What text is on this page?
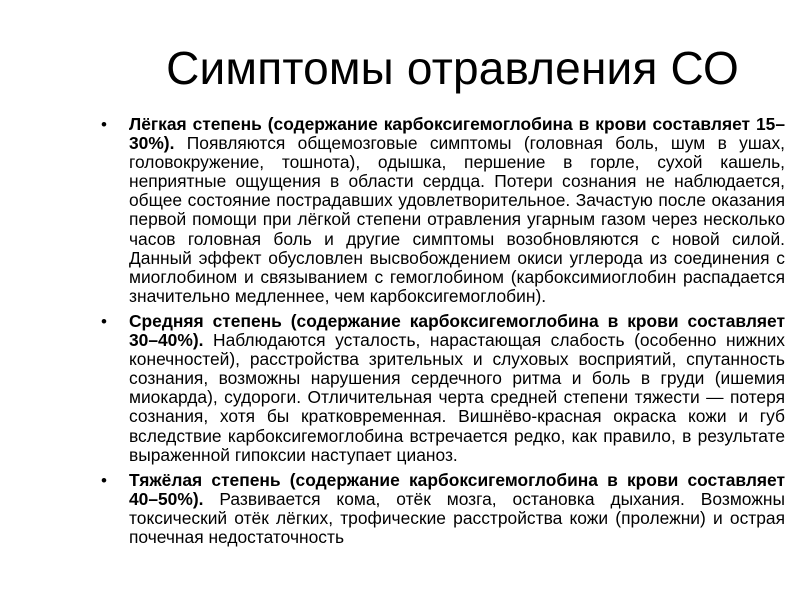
Симптомы отравления СО
• Лёгкая степень (содержание карбоксигемоглобина в крови составляет 15–30%). Появляются общемозговые симптомы (головная боль, шум в ушах, головокружение, тошнота), одышка, першение в горле, сухой кашель, неприятные ощущения в области сердца. Потери сознания не наблюдается, общее состояние пострадавших удовлетворительное. Зачастую после оказания первой помощи при лёгкой степени отравления угарным газом через несколько часов головная боль и другие симптомы возобновляются с новой силой. Данный эффект обусловлен высвобождением окиси углерода из соединения с миоглобином и связыванием с гемоглобином (карбоксимиоглобин распадается значительно медленнее, чем карбоксигемоглобин).
• Средняя степень (содержание карбоксигемоглобина в крови составляет 30–40%). Наблюдаются усталость, нарастающая слабость (особенно нижних конечностей), расстройства зрительных и слуховых восприятий, спутанность сознания, возможны нарушения сердечного ритма и боль в груди (ишемия миокарда), судороги. Отличительная черта средней степени тяжести — потеря сознания, хотя бы кратковременная. Вишнёво-красная окраска кожи и губ вследствие карбоксигемоглобина встречается редко, как правило, в результате выраженной гипоксии наступает цианоз.
• Тяжёлая степень (содержание карбоксигемоглобина в крови составляет 40–50%). Развивается кома, отёк мозга, остановка дыхания. Возможны токсический отёк лёгких, трофические расстройства кожи (пролежни) и острая почечная недостаточность
